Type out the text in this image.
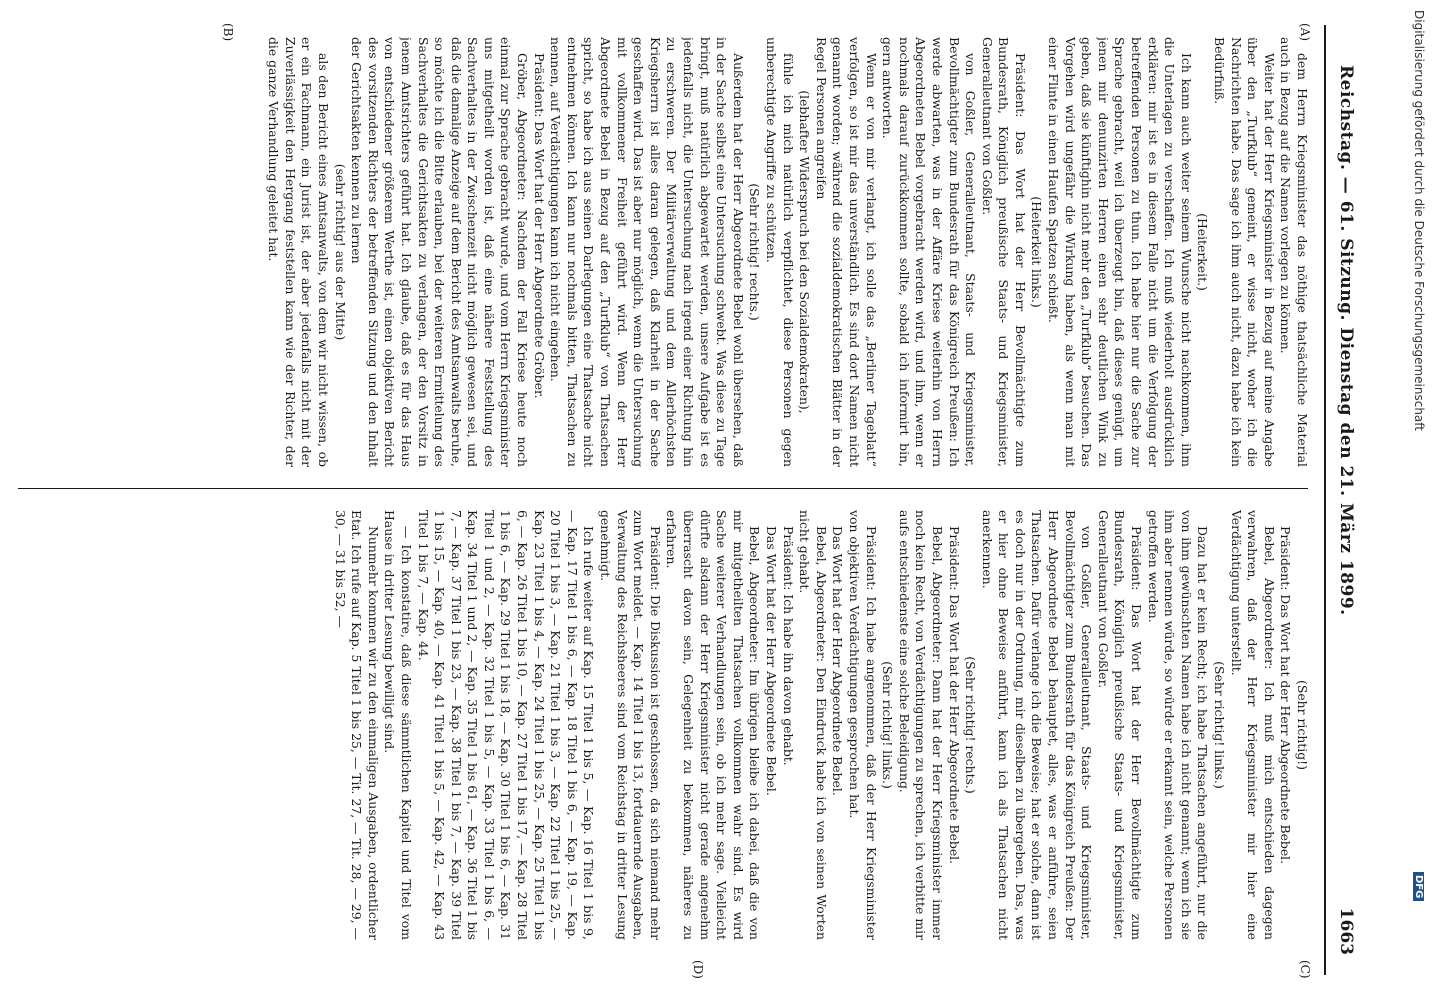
Reichstag. — 61. Sitzung. Dienstag den 21. März 1899.
1663
(A)
(B)
(C)
(D)

dem Herrn Kriegsminister das nöthige thatsächliche Material auch in Bezug auf die Namen vorlegen zu können.

Weiter hat der Herr Kriegsminister in Bezug auf meine Angabe über den „Turfklub“ gemeint, er wisse nicht, woher ich die Nachrichten habe. Das sage ich ihm auch nicht, dazu habe ich kein Bedürfniß.

(Heiterkeit.)

Ich kann auch weiter seinem Wunsche nicht nachkommen, ihm die Unterlagen zu verschaffen. Ich muß wiederholt ausdrücklich erklären: mir ist es in diesem Falle nicht um die Verfolgung der betreffenden Personen zu thun. Ich habe hier nur die Sache zur Sprache gebracht, weil ich überzeugt bin, daß dieses genügt, um jenen mir denunzirten Herren einen sehr deutlichen Wink zu geben, daß sie künftighin nicht mehr den „Turfklub“ besuchen. Das Vorgehen wird ungefähr die Wirkung haben, als wenn man mit einer Flinte in einen Haufen Spatzen schießt.

(Heiterkeit links.)

Präsident: Das Wort hat der Herr Bevollmächtigte zum Bundesrath, Königlich preußische Staats- und Kriegsminister, Generalleutnant von Goßler.

von Goßler, Generalleutnant, Staats- und Kriegsminister, Bevollmächtigter zum Bundesrath für das Königreich Preußen: Ich werde abwarten, was in der Affäre Kriese weiterhin von Herrn Abgeordneten Bebel vorgebracht werden wird, und ihm, wenn er nochmals darauf zurückkommen sollte, sobald ich informirt bin, gern antworten.

Wenn er von mir verlangt, ich solle das „Berliner Tageblatt“ verfolgen, so ist mir das unverständlich. Es sind dort Namen nicht genannt worden; während die sozialdemokratischen Blätter in der Regel Personen angreifen

(lebhafter Widerspruch bei den Sozialdemokraten),

fühle ich mich natürlich verpflichtet, diese Personen gegen unberechtigte Angriffe zu schützen.

(Sehr richtig! rechts.)

Außerdem hat der Herr Abgeordnete Bebel wohl übersehen, daß in der Sache selbst eine Untersuchung schwebt. Was diese zu Tage bringt, muß natürlich abgewartet werden, unsere Aufgabe ist es jedenfalls nicht, die Untersuchung nach irgend einer Richtung hin zu erschweren. Der Militärverwaltung und dem Allerhöchsten Kriegsherrn ist alles daran gelegen, daß Klarheit in der Sache geschaffen wird. Das ist aber nur möglich, wenn die Untersuchung mit vollkommener Freiheit geführt wird. Wenn der Herr Abgeordnete Bebel in Bezug auf den „Turfklub“ von Thatsachen spricht, so habe ich aus seinen Darlegungen eine Thatsache nicht entnehmen können. Ich kann nur nochmals bitten, Thatsachen zu nennen, auf Verdächtigungen kann ich nicht eingehen.

Präsident: Das Wort hat der Herr Abgeordnete Gröber.

Gröber, Abgeordneter: Nachdem der Fall Kriese heute noch einmal zur Sprache gebracht wurde, und vom Herrn Kriegsminister uns mitgetheilt worden ist, daß eine nähere Feststellung des Sachverhaltes in der Zwischenzeit nicht möglich gewesen sei, und daß die damalige Anzeige auf dem Bericht des Amtsanwalts beruhe, so möchte ich die Bitte erlauben, bei der weiteren Ermittelung des Sachverhaltes die Gerichtsakten zu verlangen, der den Vorsitz in jenem Amtsrichters geführt hat. Ich glaube, daß es für das Haus von entschiedener größerem Werthe ist, einen objektiven Bericht des vorsitzenden Richters der betreffenden Sitzung und den Inhalt der Gerichtsakten kennen zu lernen

(sehr richtig! aus der Mitte)

als den Bericht eines Amtsanwalts, von dem wir nicht wissen, ob er ein Fachmann, ein Jurist ist, der aber jedenfalls nicht mit der Zuverlässigkeit den Hergang feststellen kann wie der Richter, der die ganze Verhandlung geleitet hat.

(Sehr richtig!)

Präsident: Das Wort hat der Herr Abgeordnete Bebel.

Bebel, Abgeordneter: Ich muß mich entschieden dagegen verwahren, daß der Herr Kriegsminister mir hier eine Verdächtigung unterstellt.

(Sehr richtig! links.)

Dazu hat er kein Recht; ich habe Thatsachen angeführt, nur die von ihm gewünschten Namen habe ich nicht genannt; wenn ich sie ihm aber nennen würde, so würde er erkannt sein, welche Personen getroffen werden.

Präsident: Das Wort hat der Herr Bevollmächtigte zum Bundesrath, Königlich preußische Staats- und Kriegsminister, Generalleutnant von Goßler.

von Goßler, Generalleutnant, Staats- und Kriegsminister, Bevollmächtigter zum Bundesrath für das Königreich Preußen: Der Herr Abgeordnete Bebel behauptet, alles, was er anführe, seien Thatsachen. Dafür verlange ich die Beweise; hat er solche, dann ist es doch nur in der Ordnung, mir dieselben zu übergeben. Das, was er hier ohne Beweise anführt, kann ich als Thatsachen nicht anerkennen.

(Sehr richtig! rechts.)

Präsident: Das Wort hat der Herr Abgeordnete Bebel.

Bebel, Abgeordneter: Dann hat der Herr Kriegsminister immer noch kein Recht, von Verdächtigungen zu sprechen, ich verbitte mir aufs entschiedenste eine solche Beleidigung.

(Sehr richtig! links.)

Präsident: Ich habe angenommen, daß der Herr Kriegsminister von objektiven Verdächtigungen gesprochen hat.

Das Wort hat der Herr Abgeordnete Bebel.

Bebel, Abgeordneter: Den Eindruck habe ich von seinen Worten nicht gehabt.

Präsident: Ich habe ihn davon gehabt.

Das Wort hat der Herr Abgeordnete Bebel.

Bebel, Abgeordneter: Im übrigen bleibe ich dabei, daß die von mir mitgetheilten Thatsachen vollkommen wahr sind. Es wird Sache weiterer Verhandlungen sein, ob ich mehr sage. Vielleicht dürfte alsdann der Herr Kriegsminister nicht gerade angenehm überrascht davon sein, Gelegenheit zu bekommen, näheres zu erfahren.

Präsident: Die Diskussion ist geschlossen, da sich niemand mehr zum Wort meldet. — Kap. 14 Titel 1 bis 13, fortdauernde Ausgaben, Verwaltung des Reichsheeres sind vom Reichstag in dritter Lesung genehmigt.

Ich rufe weiter auf Kap. 15 Titel 1 bis 5, — Kap. 16 Titel 1 bis 9, — Kap. 17 Titel 1 bis 6, — Kap. 18 Titel 1 bis 6, — Kap. 19, — Kap. 20 Titel 1 bis 3, — Kap. 21 Titel 1 bis 3, — Kap. 22 Titel 1 bis 25, — Kap. 23 Titel 1 bis 4, — Kap. 24 Titel 1 bis 25, — Kap. 25 Titel 1 bis 6, — Kap. 26 Titel 1 bis 10, — Kap. 27 Titel 1 bis 17, — Kap. 28 Titel 1 bis 6, — Kap. 29 Titel 1 bis 18, — Kap. 30 Titel 1 bis 6, — Kap. 31 Titel 1 und 2, — Kap. 32 Titel 1 bis 5, — Kap. 33 Titel 1 bis 6, — Kap. 34 Titel 1 und 2, — Kap. 35 Titel 1 bis 61, — Kap. 36 Titel 1 bis 7, — Kap. 37 Titel 1 bis 23, — Kap. 38 Titel 1 bis 7, — Kap. 39 Titel 1 bis 15, — Kap. 40, — Kap. 41 Titel 1 bis 5, — Kap. 42, — Kap. 43 Titel 1 bis 7, — Kap. 44.

— Ich konstatire, daß diese sämmtlichen Kapitel und Titel vom Hause in dritter Lesung bewilligt sind.

Nunmehr kommen wir zu den einmaligen Ausgaben, ordentlicher Etat. Ich rufe auf Kap. 5 Titel 1 bis 25, — Tit. 27, — Tit. 28, — 29, — 30, — 31 bis 52, —

Digitalisierung gefördert durch die Deutsche Forschungsgemeinschaft
DFG
